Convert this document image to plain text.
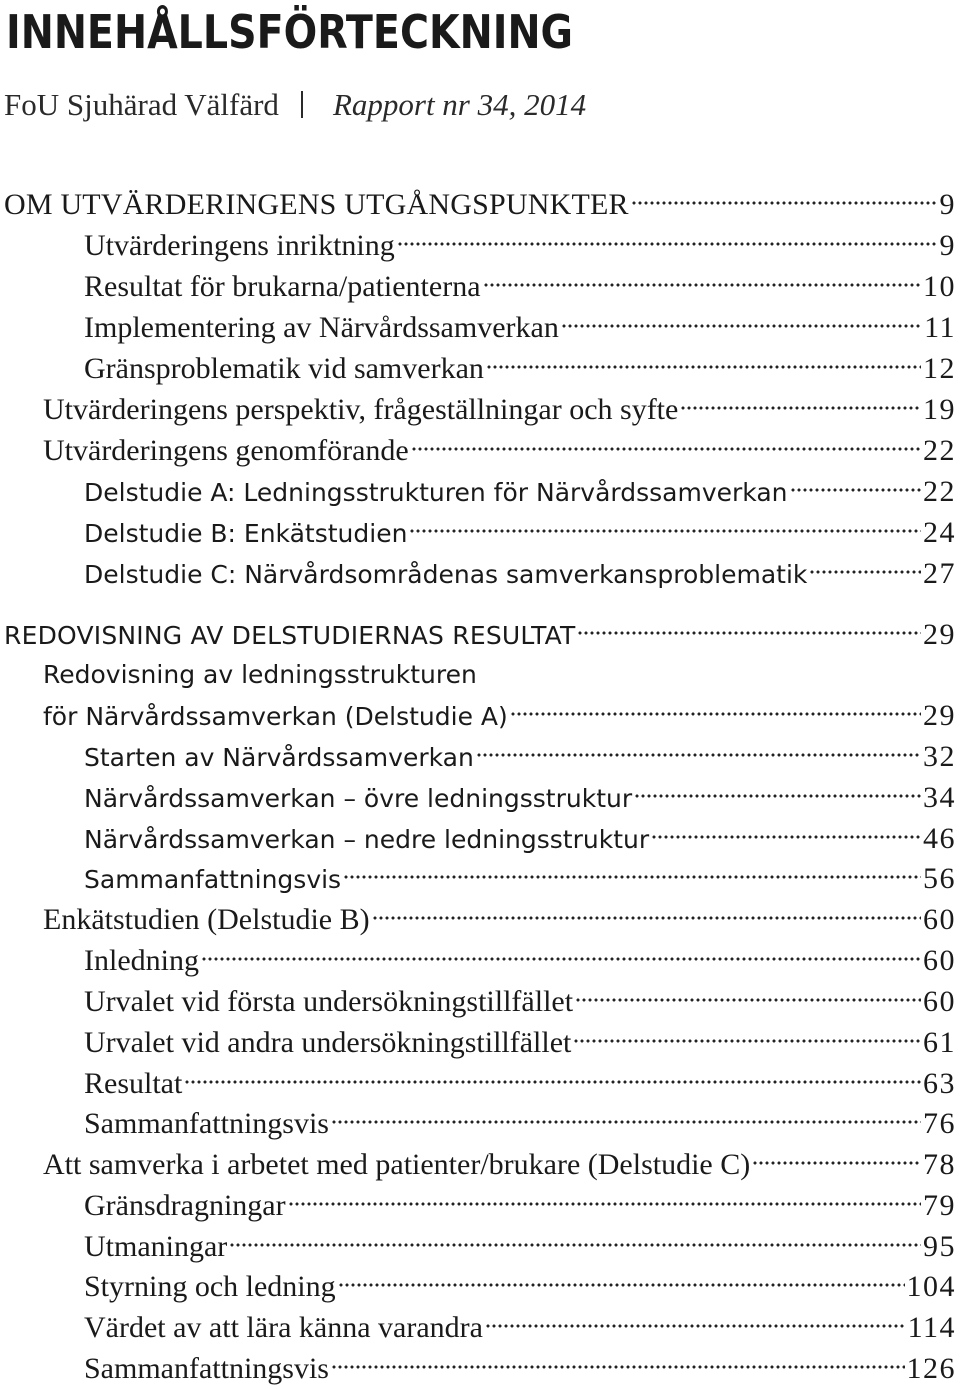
INNEHÅLLSFÖRTECKNING
FoU Sjuhärad Välfärd Rapport nr 34, 2014
OM UTVÄRDERINGENS UTGÅNGSPUNKTER	9
Utvärderingens inriktning	9
Resultat för brukarna/patienterna	10
Implementering av Närvårdssamverkan	11
Gränsproblematik vid samverkan	12
Utvärderingens perspektiv, frågeställningar och syfte	19
Utvärderingens genomförande	22
Delstudie A: Ledningsstrukturen för Närvårdssamverkan	22
Delstudie B: Enkätstudien	24
Delstudie C: Närvårdsområdenas samverkansproblematik	27
REDOVISNING AV DELSTUDIERNAS RESULTAT	29
Redovisning av ledningsstrukturen
för Närvårdssamverkan (Delstudie A)	29
Starten av Närvårdssamverkan	32
Närvårdssamverkan – övre ledningsstruktur	34
Närvårdssamverkan – nedre ledningsstruktur	46
Sammanfattningsvis	56
Enkätstudien (Delstudie B)	60
Inledning	60
Urvalet vid första undersökningstillfället	60
Urvalet vid andra undersökningstillfället	61
Resultat	63
Sammanfattningsvis	76
Att samverka i arbetet med patienter/brukare (Delstudie C)	78
Gränsdragningar	79
Utmaningar	95
Styrning och ledning	104
Värdet av att lära känna varandra	114
Sammanfattningsvis	126
